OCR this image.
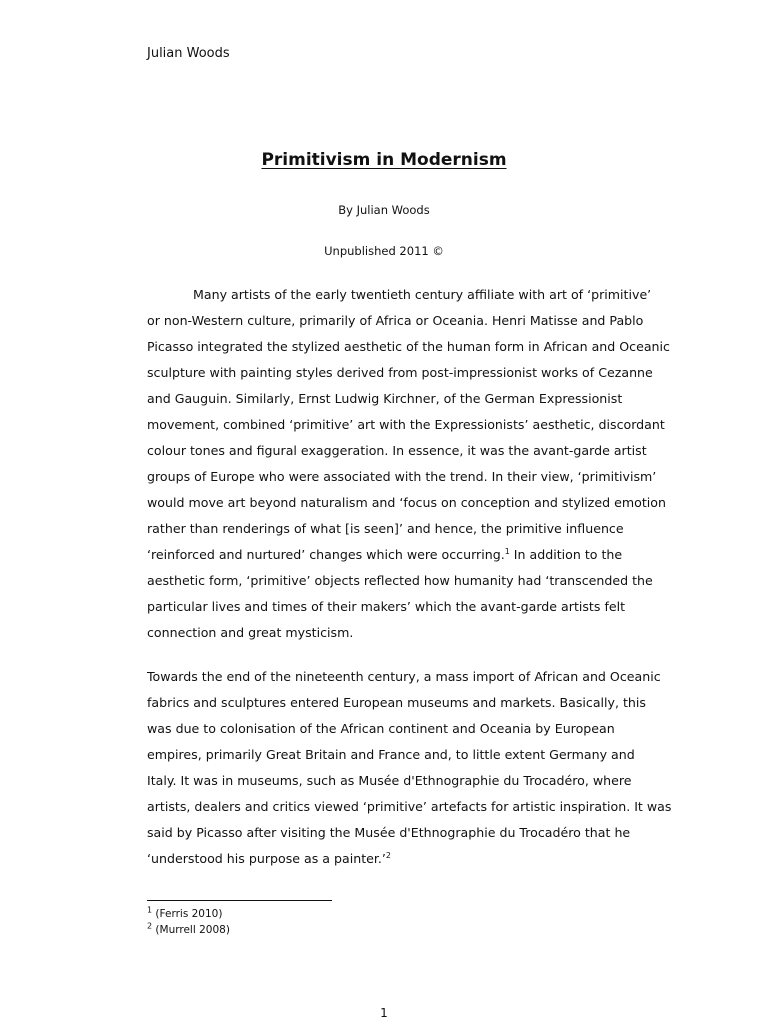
Julian Woods
Primitivism in Modernism
By Julian Woods
Unpublished 2011 ©
Many artists of the early twentieth century affiliate with art of ‘primitive’
or non-Western culture, primarily of Africa or Oceania. Henri Matisse and Pablo
Picasso integrated the stylized aesthetic of the human form in African and Oceanic
sculpture with painting styles derived from post-impressionist works of Cezanne
and Gauguin. Similarly, Ernst Ludwig Kirchner, of the German Expressionist
movement, combined ‘primitive’ art with the Expressionists’ aesthetic, discordant
colour tones and figural exaggeration. In essence, it was the avant-garde artist
groups of Europe who were associated with the trend. In their view, ‘primitivism’
would move art beyond naturalism and ‘focus on conception and stylized emotion
rather than renderings of what [is seen]’ and hence, the primitive influence
‘reinforced and nurtured’ changes which were occurring.$^1$ In addition to the
aesthetic form, ‘primitive’ objects reflected how humanity had ‘transcended the
particular lives and times of their makers’ which the avant-garde artists felt
connection and great mysticism.
Towards the end of the nineteenth century, a mass import of African and Oceanic
fabrics and sculptures entered European museums and markets. Basically, this
was due to colonisation of the African continent and Oceania by European
empires, primarily Great Britain and France and, to little extent Germany and
Italy. It was in museums, such as Musée d'Ethnographie du Trocadéro, where
artists, dealers and critics viewed ‘primitive’ artefacts for artistic inspiration. It was
said by Picasso after visiting the Musée d'Ethnographie du Trocadéro that he
‘understood his purpose as a painter.’$^2$
$^1$ (Ferris 2010)
$^2$ (Murrell 2008)
1
